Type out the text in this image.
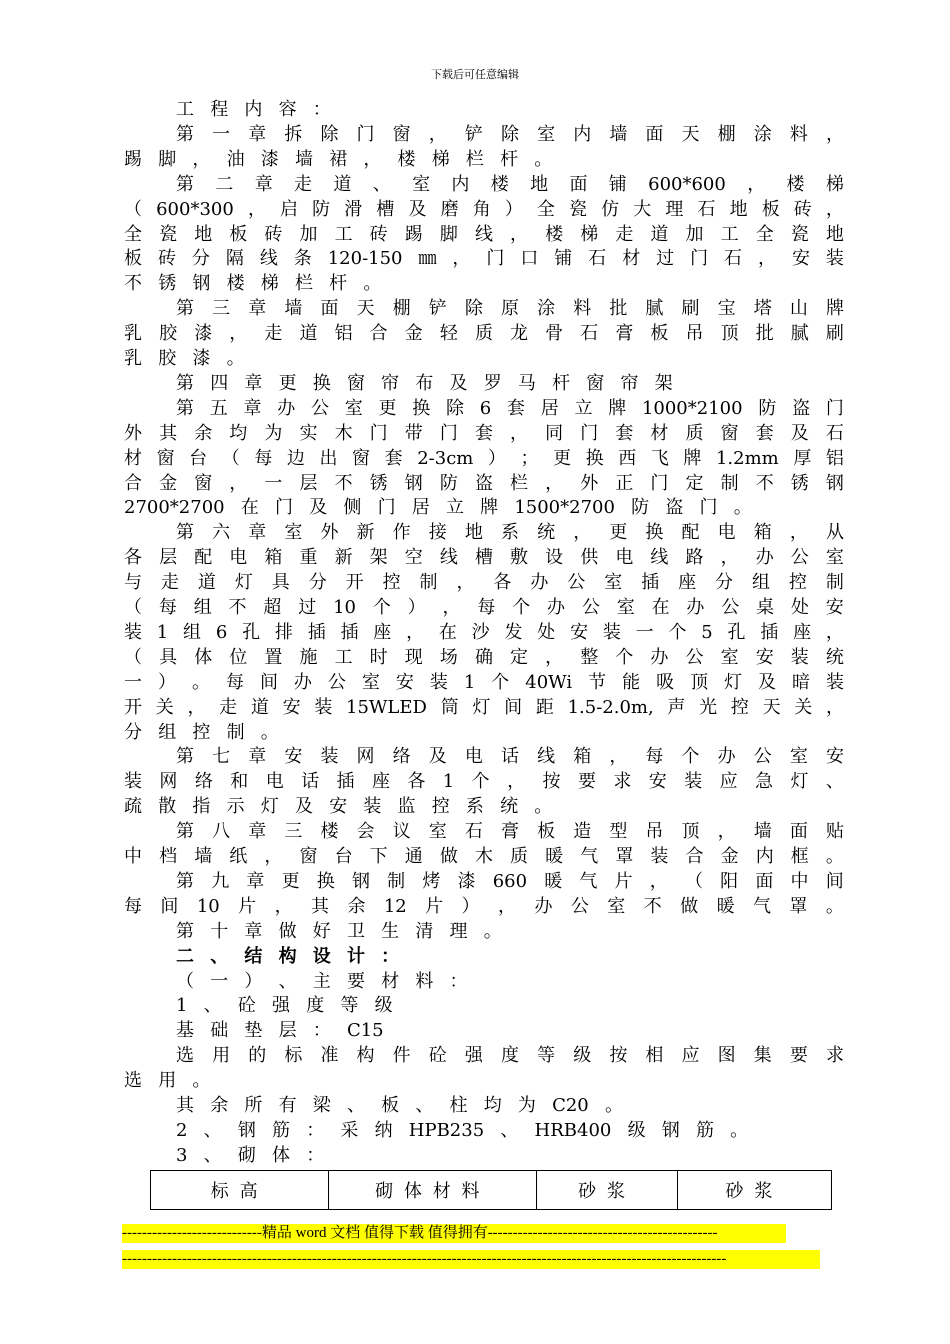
下载后可任意编辑
工 程 内 容 ：
第 一 章 拆 除 门 窗 ， 铲 除 室 内 墙 面 天 棚 涂 料 ，
踢 脚 ， 油 漆 墙 裙 ， 楼 梯 栏 杆 。
第 二 章 走 道 、 室 内 楼 地 面 铺 600*600 ， 楼 梯
（ 600*300 ， 启 防 滑 槽 及 磨 角 ） 全 瓷 仿 大 理 石 地 板 砖 ，
全 瓷 地 板 砖 加 工 砖 踢 脚 线 ， 楼 梯 走 道 加 工 全 瓷 地
板 砖 分 隔 线 条 120-150 ㎜ ， 门 口 铺 石 材 过 门 石 ， 安 装
不 锈 钢 楼 梯 栏 杆 。
第 三 章 墙 面 天 棚 铲 除 原 涂 料 批 腻 刷 宝 塔 山 牌
乳 胶 漆 ， 走 道 铝 合 金 轻 质 龙 骨 石 膏 板 吊 顶 批 腻 刷
乳 胶 漆 。
第 四 章 更 换 窗 帘 布 及 罗 马 杆 窗 帘 架
第 五 章 办 公 室 更 换 除 6 套 居 立 牌 1000*2100 防 盗 门
外 其 余 均 为 实 木 门 带 门 套 ， 同 门 套 材 质 窗 套 及 石
材 窗 台 （ 每 边 出 窗 套 2-3cm ） ； 更 换 西 飞 牌 1.2mm 厚 铝
合 金 窗 ， 一 层 不 锈 钢 防 盗 栏 ， 外 正 门 定 制 不 锈 钢
2700*2700 在 门 及 侧 门 居 立 牌 1500*2700 防 盗 门 。
第 六 章 室 外 新 作 接 地 系 统 ， 更 换 配 电 箱 ， 从
各 层 配 电 箱 重 新 架 空 线 槽 敷 设 供 电 线 路 ， 办 公 室
与 走 道 灯 具 分 开 控 制 ， 各 办 公 室 插 座 分 组 控 制
（ 每 组 不 超 过 10 个 ） ， 每 个 办 公 室 在 办 公 桌 处 安
装 1 组 6 孔 排 插 插 座 ， 在 沙 发 处 安 装 一 个 5 孔 插 座 ，
（ 具 体 位 置 施 工 时 现 场 确 定 ， 整 个 办 公 室 安 装 统
一 ） 。 每 间 办 公 室 安 装 1 个 40Wi 节 能 吸 顶 灯 及 暗 装
开 关 ， 走 道 安 装 15WLED 筒 灯 间 距 1.5-2.0m, 声 光 控 天 关 ，
分 组 控 制 。
第 七 章 安 装 网 络 及 电 话 线 箱 ， 每 个 办 公 室 安
装 网 络 和 电 话 插 座 各 1 个 ， 按 要 求 安 装 应 急 灯 、
疏 散 指 示 灯 及 安 装 监 控 系 统 。
第 八 章 三 楼 会 议 室 石 膏 板 造 型 吊 顶 ， 墙 面 贴
中 档 墙 纸 ， 窗 台 下 通 做 木 质 暖 气 罩 装 合 金 内 框 。
第 九 章 更 换 钢 制 烤 漆 660 暖 气 片 ， （ 阳 面 中 间
每 间 10 片 ， 其 余 12 片 ） ， 办 公 室 不 做 暖 气 罩 。
第 十 章 做 好 卫 生 清 理 。
二 、 结 构 设 计 ：
（ 一 ） 、 主 要 材 料 ：
1 、 砼 强 度 等 级
基 础 垫 层 ： C15
选 用 的 标 准 构 件 砼 强 度 等 级 按 相 应 图 集 要 求
选 用 。
其 余 所 有 梁 、 板 、 柱 均 为 C20 。
2 、 钢 筋 ： 采 纳 HPB235 、 HRB400 级 钢 筋 。
3 、 砌 体 ：
标高	砌体材料	砂浆	砂浆
----------------------------精品 word 文档 值得下载 值得拥有----------------------------------------------
-------------------------------------------------------------------------------------------------------------------------
